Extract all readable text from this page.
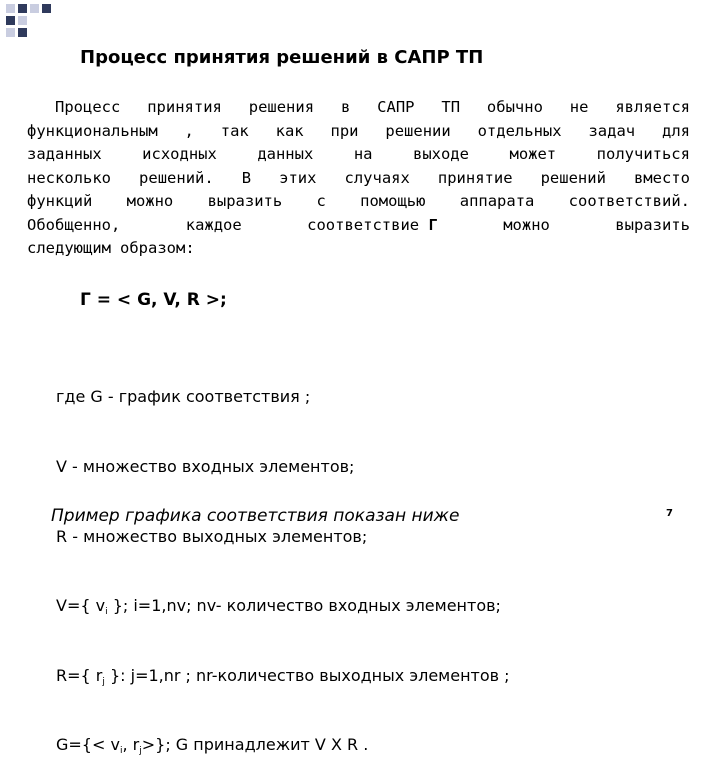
Процесс принятия решений в САПР ТП
Процесс принятия решения в САПР ТП обычно не является
функциональным , так как при решении отдельных задач для
заданных	исходных	данных	на	выходе	может	получиться
несколько решений. В этих случаях принятие решений вместо
функций можно выразить с помощью аппарата соответствий.
Обобщенно,	каждое	соответствие Г	можно	выразить
следующим образом:
Г = < G, V, R >;

где G - график соответствия ;

V - множество входных элементов;

R - множество выходных элементов;

V={ $v_i$ }; i=1,nv; nv- количество входных элементов;

R={ $r_j$ }: j=1,nr ; nr-количество выходных элементов ;

$G=\{< v_i$, $r_j>$}; G принадлежит V X R .

Пример графика соответствия показан ниже	7
